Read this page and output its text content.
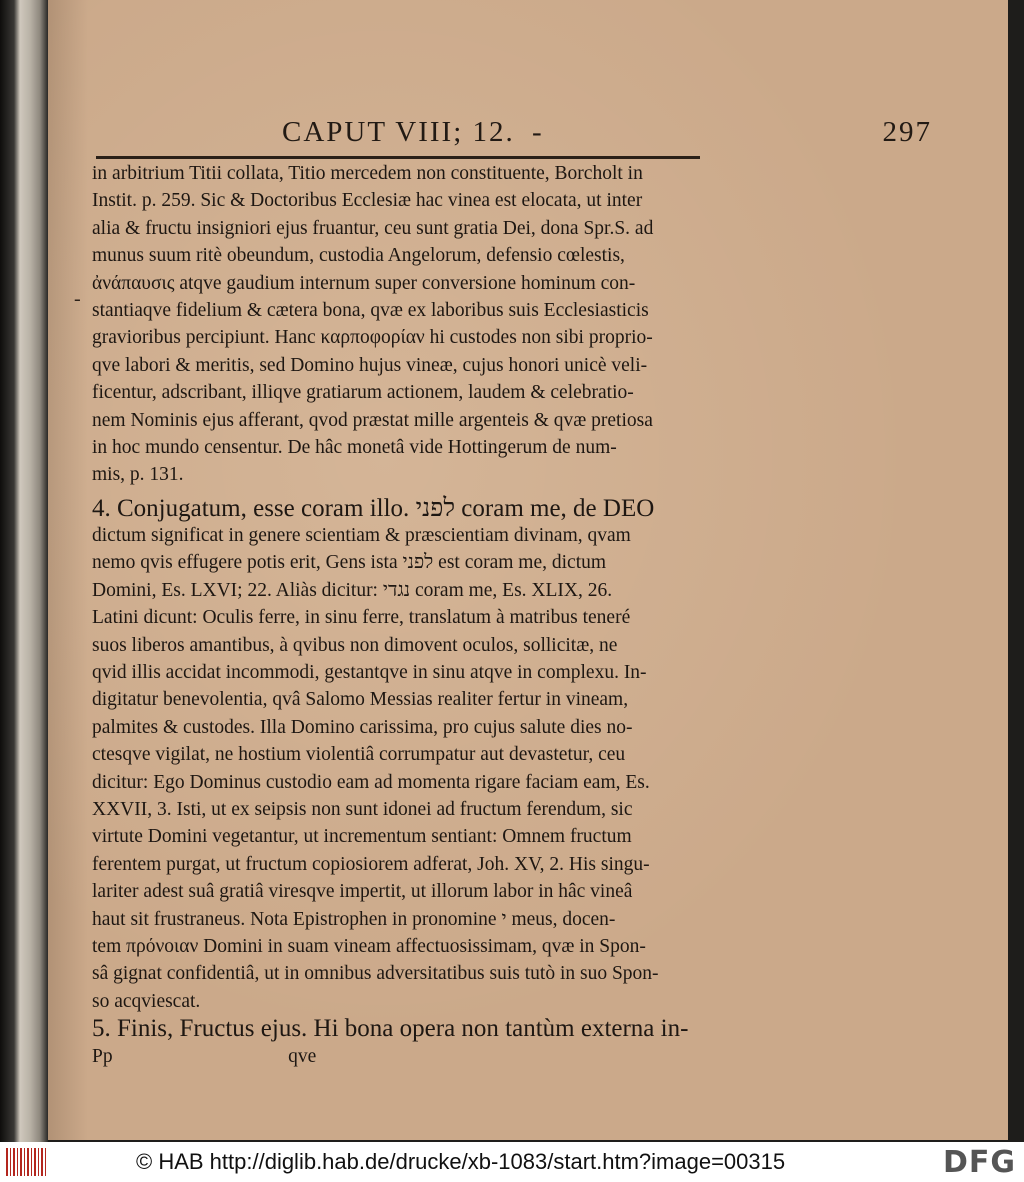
CAPUT VIII; 12. -	297
-
in arbitrium Titii collata, Titio mercedem non constituente, Borcholt in
Instit. p. 259. Sic & Doctoribus Ecclesiæ hac vinea est elocata, ut inter
alia & fructu insigniori ejus fruantur, ceu sunt gratia Dei, dona Spr.S. ad
munus suum ritè obeundum, custodia Angelorum, defensio cœlestis,
ἀνάπαυσις atqve gaudium internum super conversione hominum con-
stantiaqve fidelium & cætera bona, qvæ ex laboribus suis Ecclesiasticis
gravioribus percipiunt. Hanc καρποφορίαν hi custodes non sibi proprio-
qve labori & meritis, sed Domino hujus vineæ, cujus honori unicè veli-
ficentur, adscribant, illiqve gratiarum actionem, laudem & celebratio-
nem Nominis ejus afferant, qvod præstat mille argenteis & qvæ pretiosa
in hoc mundo censentur. De hâc monetâ vide Hottingerum de num-
mis, p. 131.
4. Conjugatum, esse coram illo. לפני coram me, de DEO
dictum significat in genere scientiam & præscientiam divinam, qvam
nemo qvis effugere potis erit, Gens ista לפני est coram me, dictum
Domini, Es. LXVI; 22. Aliàs dicitur: נגדי coram me, Es. XLIX, 26.
Latini dicunt: Oculis ferre, in sinu ferre, translatum à matribus teneré
suos liberos amantibus, à qvibus non dimovent oculos, sollicitæ, ne
qvid illis accidat incommodi, gestantqve in sinu atqve in complexu. In-
digitatur benevolentia, qvâ Salomo Messias realiter fertur in vineam,
palmites & custodes. Illa Domino carissima, pro cujus salute dies no-
ctesqve vigilat, ne hostium violentiâ corrumpatur aut devastetur, ceu
dicitur: Ego Dominus custodio eam ad momenta rigare faciam eam, Es.
XXVII, 3. Isti, ut ex seipsis non sunt idonei ad fructum ferendum, sic
virtute Domini vegetantur, ut incrementum sentiant: Omnem fructum
ferentem purgat, ut fructum copiosiorem adferat, Joh. XV, 2. His singu-
lariter adest suâ gratiâ viresqve impertit, ut illorum labor in hâc vineâ
haut sit frustraneus. Nota Epistrophen in pronomine י meus, docen-
tem πρόνοιαν Domini in suam vineam affectuosissimam, qvæ in Spon-
sâ gignat confidentiâ, ut in omnibus adversitatibus suis tutò in suo Spon-
so acqviescat.
5. Finis, Fructus ejus. Hi bona opera non tantùm externa in-
Pp                                    qve
© HAB http://diglib.hab.de/drucke/xb-1083/start.htm?image=00315	DFG
